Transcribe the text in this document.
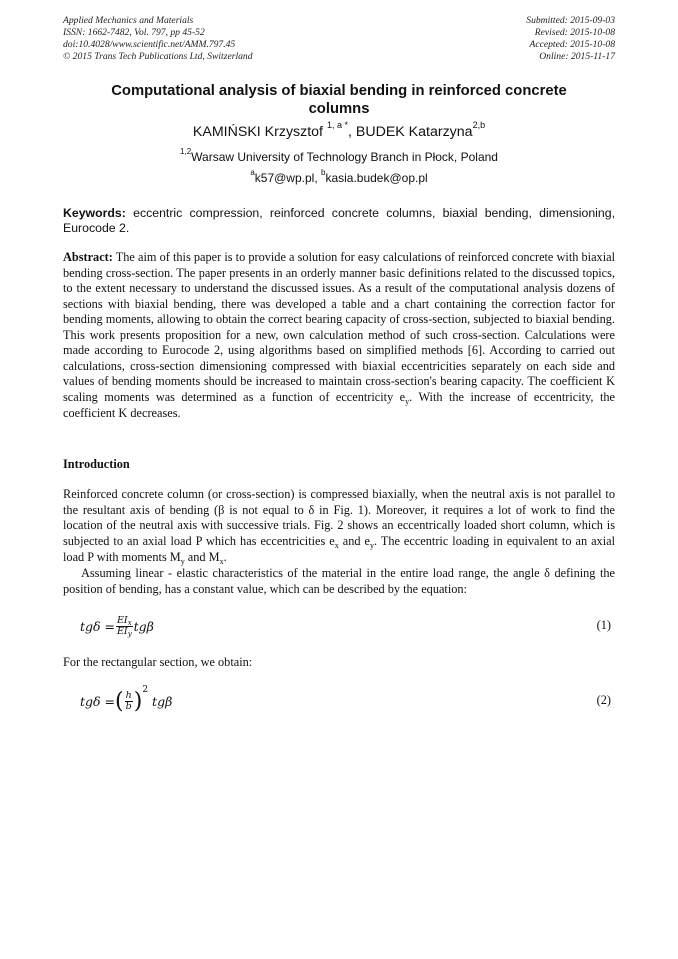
Applied Mechanics and Materials
ISSN: 1662-7482, Vol. 797, pp 45-52
doi:10.4028/www.scientific.net/AMM.797.45
© 2015 Trans Tech Publications Ltd, Switzerland
Submitted: 2015-09-03
Revised: 2015-10-08
Accepted: 2015-10-08
Online: 2015-11-17
Computational analysis of biaxial bending in reinforced concrete
columns
KAMIŃSKI Krzysztof $^{1, a *}$, BUDEK Katarzyna$^{2,b}$
$^{1,2}$Warsaw University of Technology Branch in Płock, Poland
$^a$k57@wp.pl, $^b$kasia.budek@op.pl
Keywords: eccentric compression, reinforced concrete columns, biaxial bending, dimensioning, Eurocode 2.
Abstract: The aim of this paper is to provide a solution for easy calculations of reinforced concrete with biaxial bending cross-section. The paper presents in an orderly manner basic definitions related to the discussed topics, to the extent necessary to understand the discussed issues. As a result of the computational analysis dozens of sections with biaxial bending, there was developed a table and a chart containing the correction factor for bending moments, allowing to obtain the correct bearing capacity of cross-section, subjected to biaxial bending. This work presents proposition for a new, own calculation method of such cross-section. Calculations were made according to Eurocode 2, using algorithms based on simplified methods [6]. According to carried out calculations, cross-section dimensioning compressed with biaxial eccentricities separately on each side and values of bending moments should be increased to maintain cross-section's bearing capacity. The coefficient K scaling moments was determined as a function of eccentricity $e_y$. With the increase of eccentricity, the coefficient K decreases.
Introduction
Reinforced concrete column (or cross-section) is compressed biaxially, when the neutral axis is not parallel to the resultant axis of bending (β is not equal to δ in Fig. 1). Moreover, it requires a lot of work to find the location of the neutral axis with successive trials. Fig. 2 shows an eccentrically loaded short column, which is subjected to an axial load P which has eccentricities $e_x$ and $e_y$. The eccentric loading in equivalent to an axial load P with moments $M_y$ and $M_x$.
Assuming linear - elastic characteristics of the material in the entire load range, the angle δ defining the position of bending, has a constant value, which can be described by the equation:
$tg\delta = \frac{EI_x}{EI_y}$ tgβ	(1)
For the rectangular section, we obtain:
tgδ = ( $\frac{h}{b}$ ) 2
tgβ	(2)
